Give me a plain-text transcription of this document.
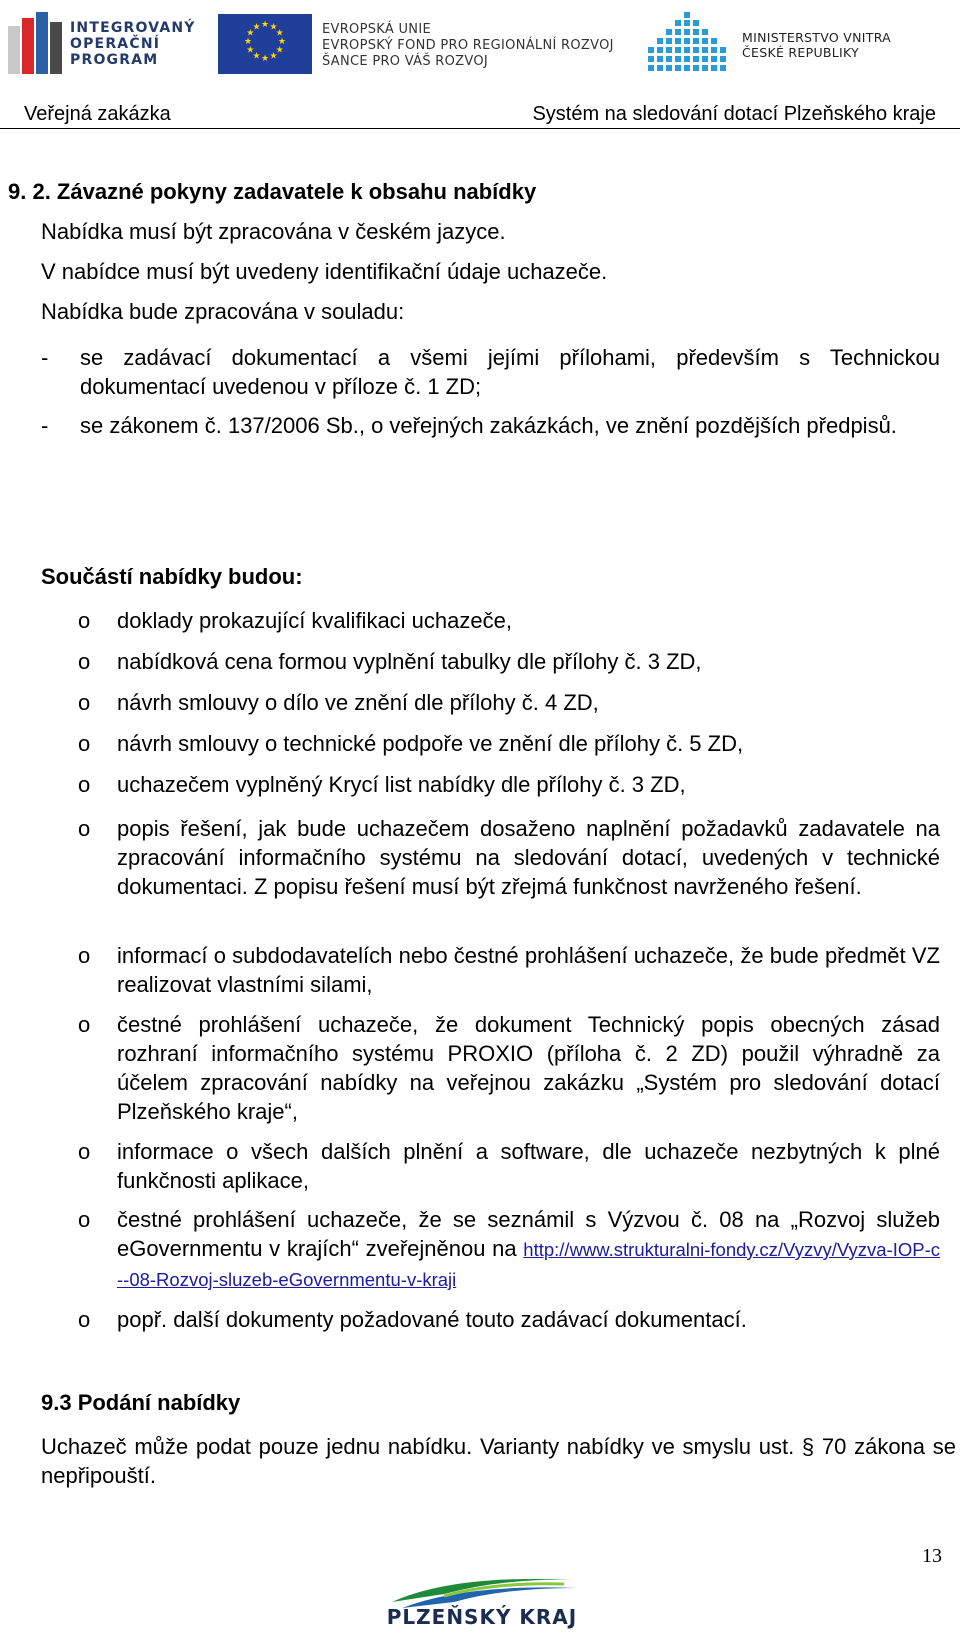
INTEGROVANÝ
OPERAČNÍ
PROGRAM
★ ★
★
★
★
★
★
★
★
★
★
★	EVROPSKÁ UNIE
EVROPSKÝ FOND PRO REGIONÁLNÍ ROZVOJ
ŠANCE PRO VÁŠ ROZVOJ
MINISTERSTVO VNITRA
ČESKÉ REPUBLIKY
Veřejná zakázka	Systém na sledování dotací Plzeňského kraje
9. 2. Závazné pokyny zadavatele k obsahu nabídky
Nabídka musí být zpracována v českém jazyce.
V nabídce musí být uvedeny identifikační údaje uchazeče.
Nabídka bude zpracována v souladu:
- se zadávací dokumentací a všemi jejími přílohami, především s Technickou dokumentací uvedenou v příloze č. 1 ZD;
- se zákonem č. 137/2006 Sb., o veřejných zakázkách, ve znění pozdějších předpisů.
Součástí nabídky budou:
o doklady prokazující kvalifikaci uchazeče,
o nabídková cena formou vyplnění tabulky dle přílohy č. 3 ZD,
o návrh smlouvy o dílo ve znění dle přílohy č. 4 ZD,
o návrh smlouvy o technické podpoře ve znění dle přílohy č. 5 ZD,
o uchazečem vyplněný Krycí list nabídky dle přílohy č. 3 ZD,
o popis řešení, jak bude uchazečem dosaženo naplnění požadavků zadavatele na zpracování informačního systému na sledování dotací, uvedených v technické dokumentaci. Z popisu řešení musí být zřejmá funkčnost navrženého řešení.
o informací o subdodavatelích nebo čestné prohlášení uchazeče, že bude předmět VZ realizovat vlastními silami,
o čestné prohlášení uchazeče, že dokument Technický popis obecných zásad rozhraní informačního systému PROXIO (příloha č. 2 ZD) použil výhradně za účelem zpracování nabídky na veřejnou zakázku „Systém pro sledování dotací Plzeňského kraje“,
o informace o všech dalších plnění a software, dle uchazeče nezbytných k plné funkčnosti aplikace,
o čestné prohlášení uchazeče, že se seznámil s Výzvou č. 08 na „Rozvoj služeb eGovernmentu v krajích“ zveřejněnou na http://www.strukturalni-fondy.cz/Vyzvy/Vyzva-IOP-c--08-Rozvoj-sluzeb-eGovernmentu-v-kraji
o popř. další dokumenty požadované touto zadávací dokumentací.
9.3 Podání nabídky
Uchazeč může podat pouze jednu nabídku. Varianty nabídky ve smyslu ust. § 70 zákona se nepřipouští.
13
PLZEŇSKÝ KRAJ
